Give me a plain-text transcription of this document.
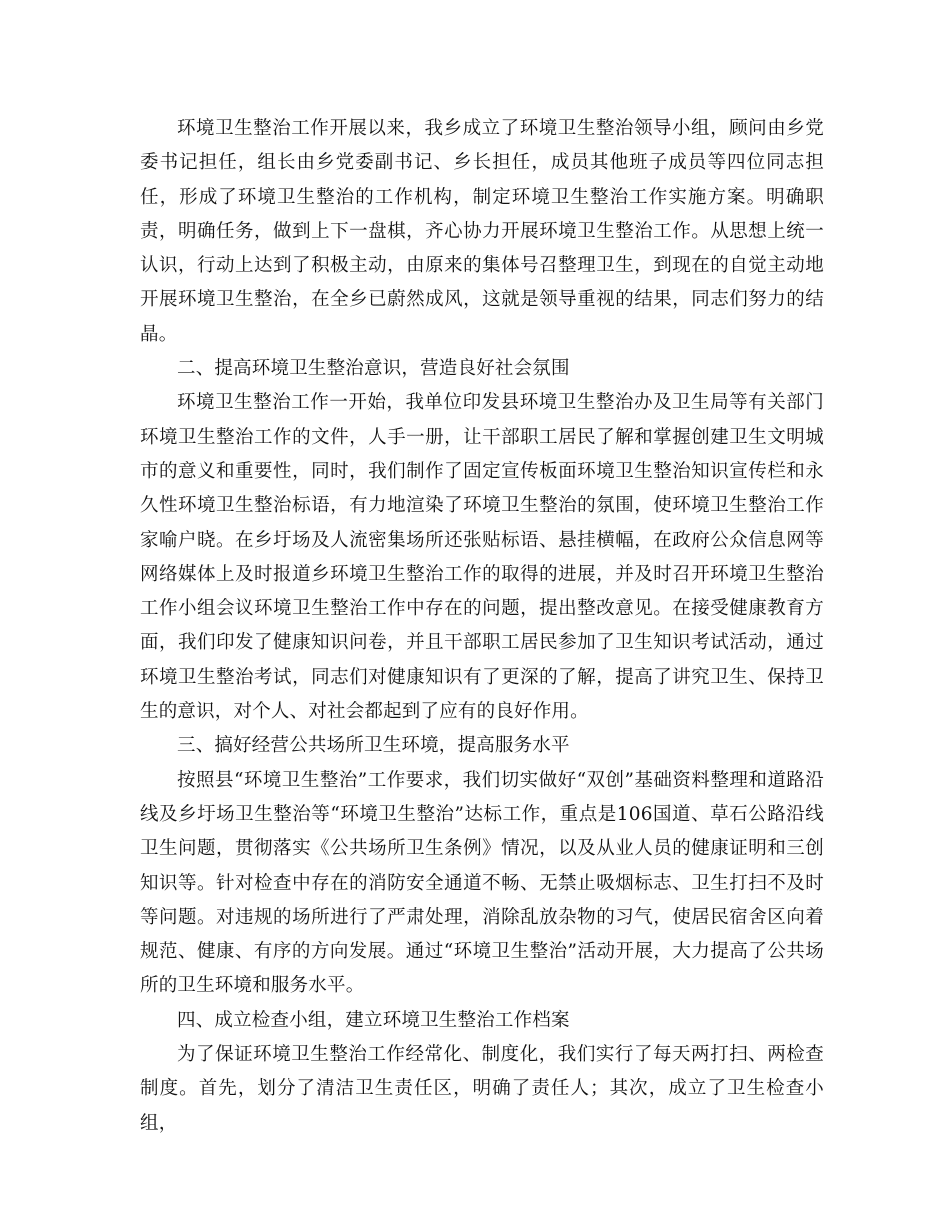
环境卫生整治工作开展以来，我乡成立了环境卫生整治领导小组，顾问由乡党委书记担任，组长由乡党委副书记、乡长担任，成员其他班子成员等四位同志担任，形成了环境卫生整治的工作机构，制定环境卫生整治工作实施方案。明确职责，明确任务，做到上下一盘棋，齐心协力开展环境卫生整治工作。从思想上统一认识，行动上达到了积极主动，由原来的集体号召整理卫生，到现在的自觉主动地开展环境卫生整治，在全乡已蔚然成风，这就是领导重视的结果，同志们努力的结晶。

二、提高环境卫生整治意识，营造良好社会氛围

环境卫生整治工作一开始，我单位印发县环境卫生整治办及卫生局等有关部门环境卫生整治工作的文件，人手一册，让干部职工居民了解和掌握创建卫生文明城市的意义和重要性，同时，我们制作了固定宣传板面环境卫生整治知识宣传栏和永久性环境卫生整治标语，有力地渲染了环境卫生整治的氛围，使环境卫生整治工作家喻户晓。在乡圩场及人流密集场所还张贴标语、悬挂横幅，在政府公众信息网等网络媒体上及时报道乡环境卫生整治工作的取得的进展，并及时召开环境卫生整治工作小组会议环境卫生整治工作中存在的问题，提出整改意见。在接受健康教育方面，我们印发了健康知识问卷，并且干部职工居民参加了卫生知识考试活动，通过环境卫生整治考试，同志们对健康知识有了更深的了解，提高了讲究卫生、保持卫生的意识，对个人、对社会都起到了应有的良好作用。

三、搞好经营公共场所卫生环境，提高服务水平

按照县“环境卫生整治”工作要求，我们切实做好“双创”基础资料整理和道路沿线及乡圩场卫生整治等“环境卫生整治”达标工作，重点是106国道、草石公路沿线卫生问题，贯彻落实《公共场所卫生条例》情况，以及从业人员的健康证明和三创知识等。针对检查中存在的消防安全通道不畅、无禁止吸烟标志、卫生打扫不及时等问题。对违规的场所进行了严肃处理，消除乱放杂物的习气，使居民宿舍区向着规范、健康、有序的方向发展。通过“环境卫生整治”活动开展，大力提高了公共场所的卫生环境和服务水平。

四、成立检查小组，建立环境卫生整治工作档案

为了保证环境卫生整治工作经常化、制度化，我们实行了每天两打扫、两检查制度。首先，划分了清洁卫生责任区，明确了责任人；其次，成立了卫生检查小组，
